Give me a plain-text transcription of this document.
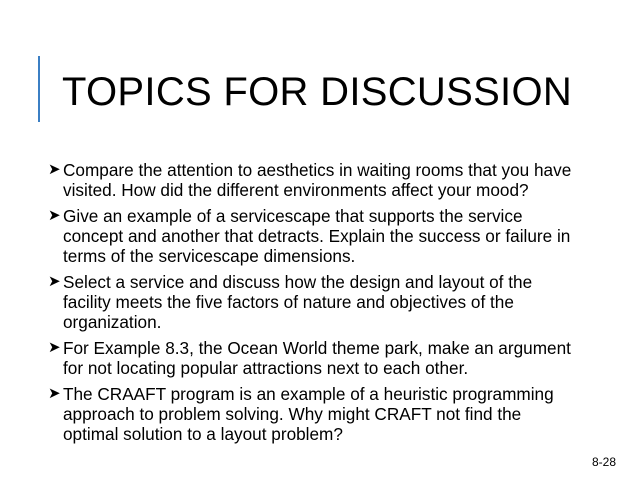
TOPICS FOR DISCUSSION
➤ Compare the attention to aesthetics in waiting rooms that you have visited. How did the different environments affect your mood?
➤ Give an example of a servicescape that supports the service concept and another that detracts. Explain the success or failure in terms of the servicescape dimensions.
➤ Select a service and discuss how the design and layout of the facility meets the five factors of nature and objectives of the organization.
➤ For Example 8.3, the Ocean World theme park, make an argument for not locating popular attractions next to each other.
➤ The CRAAFT program is an example of a heuristic programming approach to problem solving. Why might CRAFT not find the optimal solution to a layout problem?
8-28
